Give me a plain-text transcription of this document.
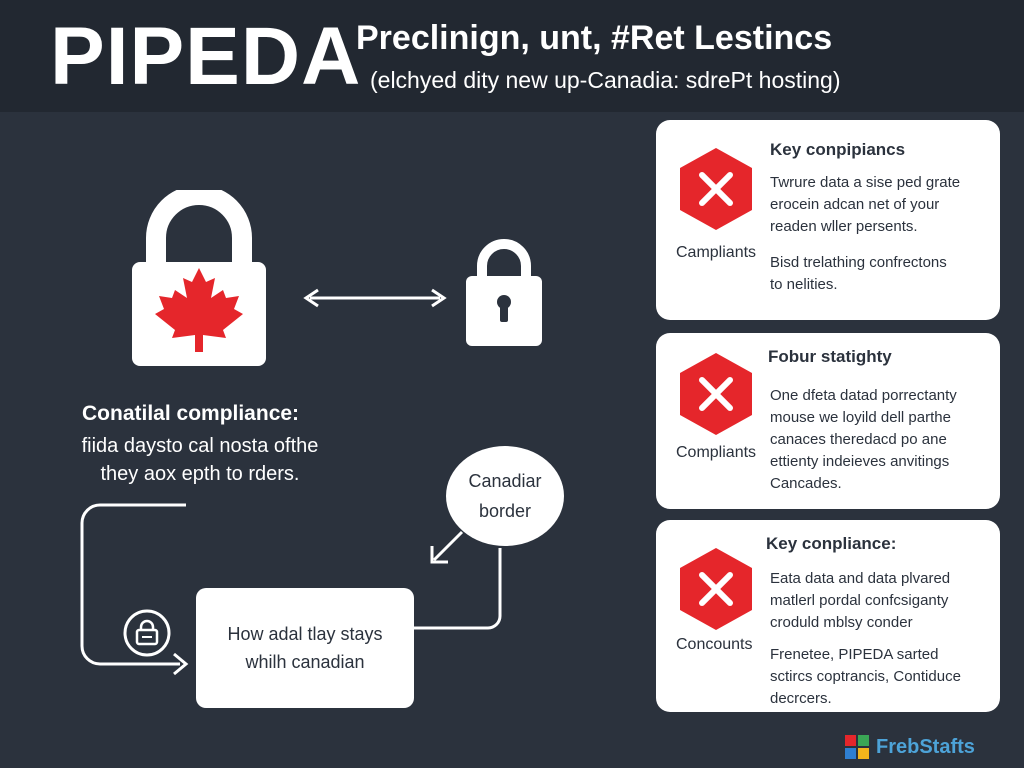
PIPEDA
Preclinign, unt, #Ret Lestincs
(elchyed dity new up-Canadia: sdrePt hosting)
Conatilal compliance:
fiida daysto cal nosta ofthe
they aox epth to rders.	Canadiar
border
How adal tlay stays
whilh canadian
Key conpipiancs
Campliants
Twrure data a sise ped grate
erocein adcan net of your
readen wller persents.
Bisd trelathing confrectons
to nelities.
Fobur statighty
Compliants
One dfeta datad porrectanty
mouse we loyild dell parthe
canaces theredacd po ane
ettienty indeieves anvitings
Cancades.
Key conpliance:
Concounts
Eata data and data plvared
matlerl pordal confcsiganty
croduld mblsy conder
Frenetee, PIPEDA sarted
sctircs coptrancis, Contiduce
decrcers.
FrebStafts
